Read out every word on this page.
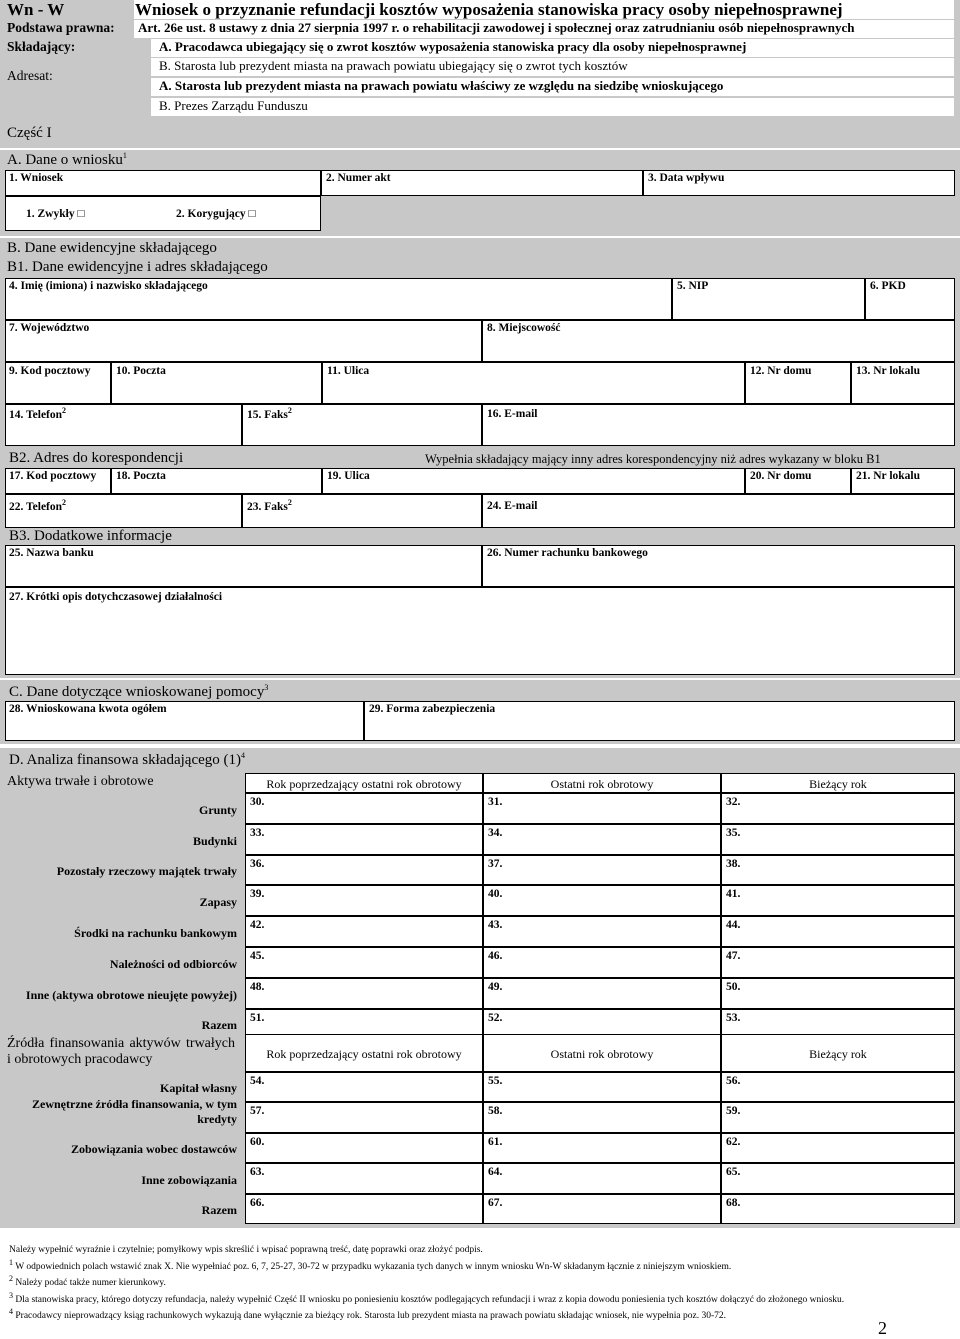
Wn - W	Wniosek o przyznanie refundacji kosztów wyposażenia stanowiska pracy osoby niepełnosprawnej
Podstawa prawna:	Art. 26e ust. 8 ustawy z dnia 27 sierpnia 1997 r. o rehabilitacji zawodowej i społecznej oraz zatrudnianiu osób niepełnosprawnych
Składający:	A. Pracodawca ubiegający się o zwrot kosztów wyposażenia stanowiska pracy dla osoby niepełnosprawnej
B. Starosta lub prezydent miasta na prawach powiatu ubiegający się o zwrot tych kosztów
Adresat:
A. Starosta lub prezydent miasta na prawach powiatu właściwy ze względu na siedzibę wnioskującego
B. Prezes Zarządu Funduszu
Część I
A. Dane o wniosku$^1$
1. Wniosek	2. Numer akt	3. Data wpływu
1. Zwykły □	2. Korygujący □
B. Dane ewidencyjne składającego
B1. Dane ewidencyjne i adres składającego
4. Imię (imiona) i nazwisko składającego	5. NIP	6. PKD
7. Województwo	8. Miejscowość
9. Kod pocztowy 10. Poczta	11. Ulica	12. Nr domu	13. Nr lokalu
14. Telefon$^2$	15. Faks$^2$	16. E-mail
B2. Adres do korespondencji	Wypełnia składający mający inny adres korespondencyjny niż adres wykazany w bloku B1
17. Kod pocztowy 18. Poczta	19. Ulica	20. Nr domu	21. Nr lokalu
22. Telefon$^2$	23. Faks$^2$	24. E-mail
B3. Dodatkowe informacje
25. Nazwa banku	26. Numer rachunku bankowego
27. Krótki opis dotychczasowej działalności
C. Dane dotyczące wnioskowanej pomocy$^3$
28. Wnioskowana kwota ogółem	29. Forma zabezpieczenia
D. Analiza finansowa składającego $(1)^4$
Aktywa trwałe i obrotowe	Rok poprzedzający ostatni rok obrotowy	Ostatni rok obrotowy	Bieżący rok
Grunty
30.	31.	32.
Budynki
33.	34.	35.
Pozostały rzeczowy majątek trwały
36.	37.	38.
Zapasy
39.	40.	41.
Środki na rachunku bankowym
42.	43.	44.
Należności od odbiorców
45.	46.	47.
Inne (aktywa obrotowe nieujęte powyżej)
48.	49.	50.
Razem
51.	52.	53.
Źródła finansowania aktywów trwałych i obrotowych pracodawcy	Rok poprzedzający ostatni rok obrotowy	Ostatni rok obrotowy	Bieżący rok
Kapitał własny
54.	55.	56.
Zewnętrzne źródła finansowania, w tym kredyty
57.	58.	59.
Zobowiązania wobec dostawców
60.	61.	62.
Inne zobowiązania
63.	64.	65.
Razem
66.	67.	68.
Należy wypełnić wyraźnie i czytelnie; pomyłkowy wpis skreślić i wpisać poprawną treść, datę poprawki oraz złożyć podpis.
$^1$ W odpowiednich polach wstawić znak X. Nie wypełniać poz. 6, 7, 25-27, 30-72 w przypadku wykazania tych danych w innym wniosku Wn-W składanym łącznie z niniejszym wnioskiem.
$^2$ Należy podać także numer kierunkowy.
$^3$ Dla stanowiska pracy, którego dotyczy refundacja, należy wypełnić Część II wniosku po poniesieniu kosztów podlegających refundacji i wraz z kopia dowodu poniesienia tych kosztów dołączyć do złożonego wniosku.
$^4$ Pracodawcy nieprowadzący ksiąg rachunkowych wykazują dane wyłącznie za bieżący rok. Starosta lub prezydent miasta na prawach powiatu składając wniosek, nie wypełnia poz. 30-72.
2
